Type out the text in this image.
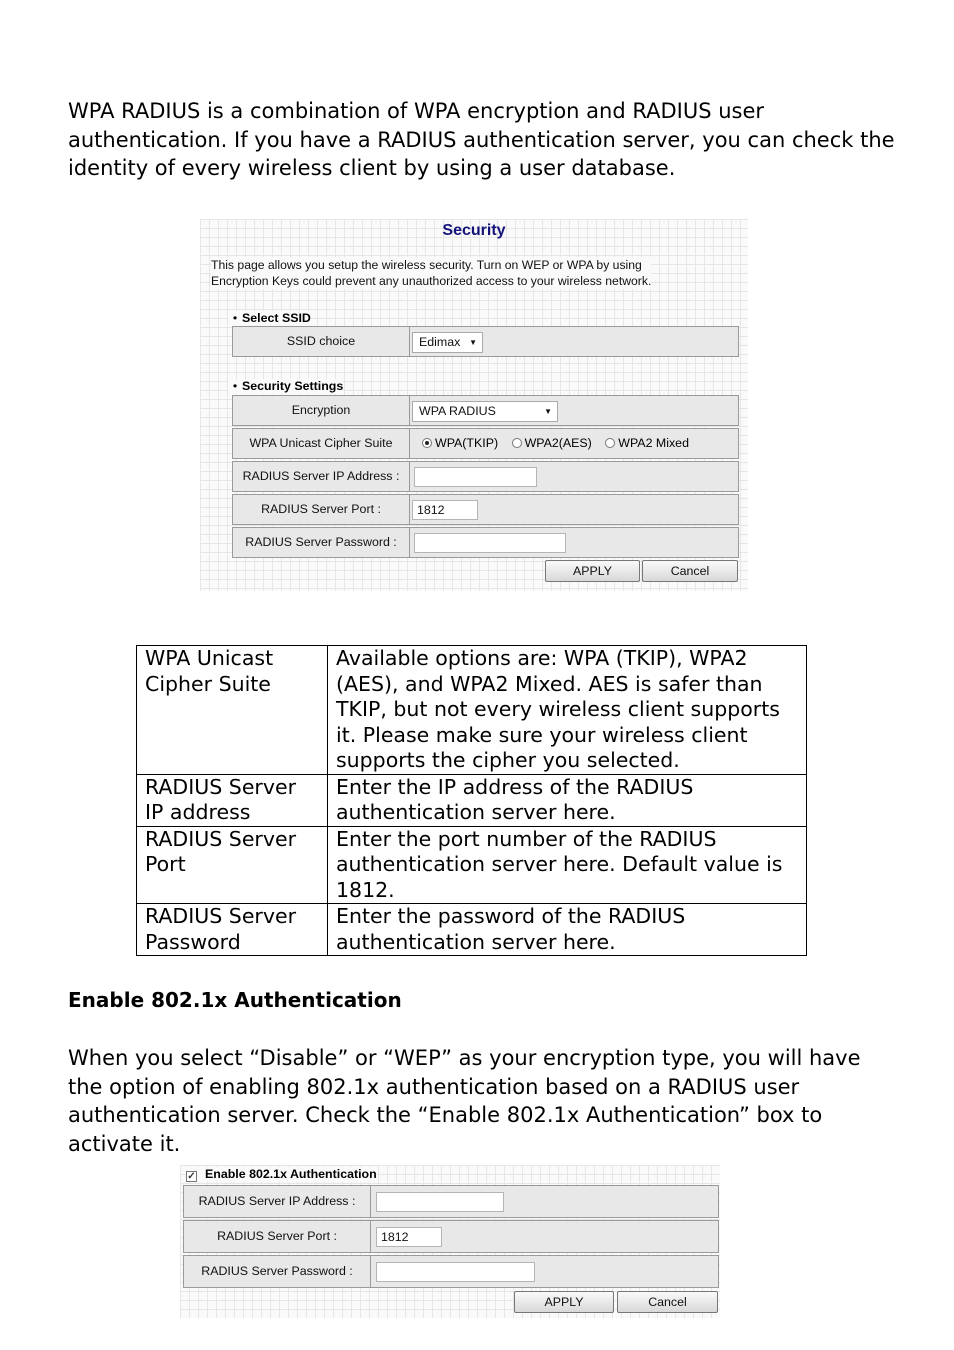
WPA RADIUS is a combination of WPA encryption and RADIUS user authentication. If you have a RADIUS authentication server, you can check the identity of every wireless client by using a user database.

Security
This page allows you setup the wireless security. Turn on WEP or WPA by using
Encryption Keys could prevent any unauthorized access to your wireless network.
• Select SSID
SSID choice	Edimax ▼
• Security Settings
Encryption	WPA RADIUS	▼
WPA Unicast Cipher Suite	WPA(TKIP) WPA2(AES) WPA2 Mixed
RADIUS Server IP Address :
RADIUS Server Port :	1812
RADIUS Server Password :
APPLY	Cancel
WPA Unicast Cipher Suite	Available options are: WPA (TKIP), WPA2 (AES), and WPA2 Mixed. AES is safer than TKIP, but not every wireless client supports it. Please make sure your wireless client supports the cipher you selected.
RADIUS Server IP address	Enter the IP address of the RADIUS authentication server here.
RADIUS Server Port	Enter the port number of the RADIUS authentication server here. Default value is 1812.
RADIUS Server Password	Enter the password of the RADIUS authentication server here.

Enable 802.1x Authentication

When you select “Disable” or “WEP” as your encryption type, you will have the option of enabling 802.1x authentication based on a RADIUS user authentication server. Check the “Enable 802.1x Authentication” box to activate it.

✓ Enable 802.1x Authentication
RADIUS Server IP Address :
RADIUS Server Port :	1812
RADIUS Server Password :
APPLY	Cancel
